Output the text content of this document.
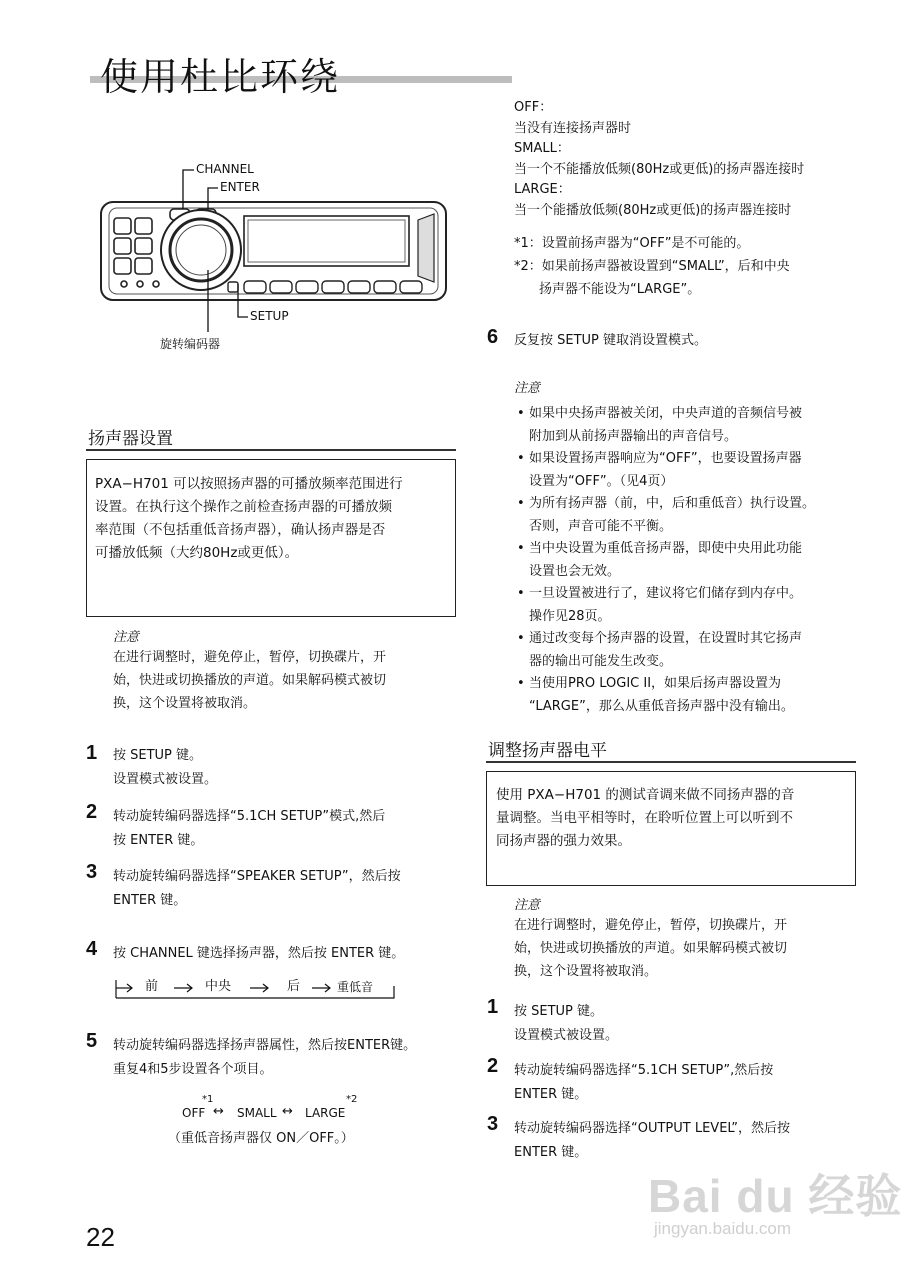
使用杜比环绕
CHANNEL
ENTER
SETUP
旋转编码器
扬声器设置
PXA−H701 可以按照扬声器的可播放频率范围进行
设置。在执行这个操作之前检查扬声器的可播放频
率范围（不包括重低音扬声器），确认扬声器是否
可播放低频（大约80Hz或更低）。
注意
在进行调整时，避免停止，暂停，切换碟片，开
始，快进或切换播放的声道。如果解码模式被切
换，这个设置将被取消。
1 按 SETUP 键。
设置模式被设置。
2 转动旋转编码器选择“5.1CH SETUP”模式,然后
按 ENTER 键。
3 转动旋转编码器选择“SPEAKER SETUP”，然后按
ENTER 键。
4 按 CHANNEL 键选择扬声器，然后按 ENTER 键。
前	中央	后	重低音
5 转动旋转编码器选择扬声器属性，然后按ENTER键。
重复4和5步设置各个项目。
*1	*2
OFF ↔ SMALL ↔ LARGE
（重低音扬声器仅 ON／OFF。）
OFF：
当没有连接扬声器时
SMALL：
当一个不能播放低频(80Hz或更低)的扬声器连接时
LARGE：
当一个能播放低频(80Hz或更低)的扬声器连接时
*1：设置前扬声器为“OFF”是不可能的。
*2：如果前扬声器被设置到“SMALL”，后和中央
扬声器不能设为“LARGE”。
6 反复按 SETUP 键取消设置模式。
注意
• 如果中央扬声器被关闭，中央声道的音频信号被
附加到从前扬声器输出的声音信号。
• 如果设置扬声器响应为“OFF”，也要设置扬声器
设置为“OFF”。（见4页）
• 为所有扬声器（前，中，后和重低音）执行设置。
否则，声音可能不平衡。
• 当中央设置为重低音扬声器，即使中央用此功能
设置也会无效。
• 一旦设置被进行了，建议将它们储存到内存中。
操作见28页。
• 通过改变每个扬声器的设置，在设置时其它扬声
器的输出可能发生改变。
• 当使用PRO LOGIC II，如果后扬声器设置为
“LARGE”，那么从重低音扬声器中没有输出。
调整扬声器电平
使用 PXA−H701 的测试音调来做不同扬声器的音
量调整。当电平相等时，在聆听位置上可以听到不
同扬声器的强力效果。
注意
在进行调整时，避免停止，暂停，切换碟片，开
始，快进或切换播放的声道。如果解码模式被切
换，这个设置将被取消。
1 按 SETUP 键。
设置模式被设置。
2 转动旋转编码器选择“5.1CH SETUP”,然后按
ENTER 键。
3 转动旋转编码器选择“OUTPUT LEVEL”，然后按
ENTER 键。
22
Bai du 经验
jingyan.baidu.com
